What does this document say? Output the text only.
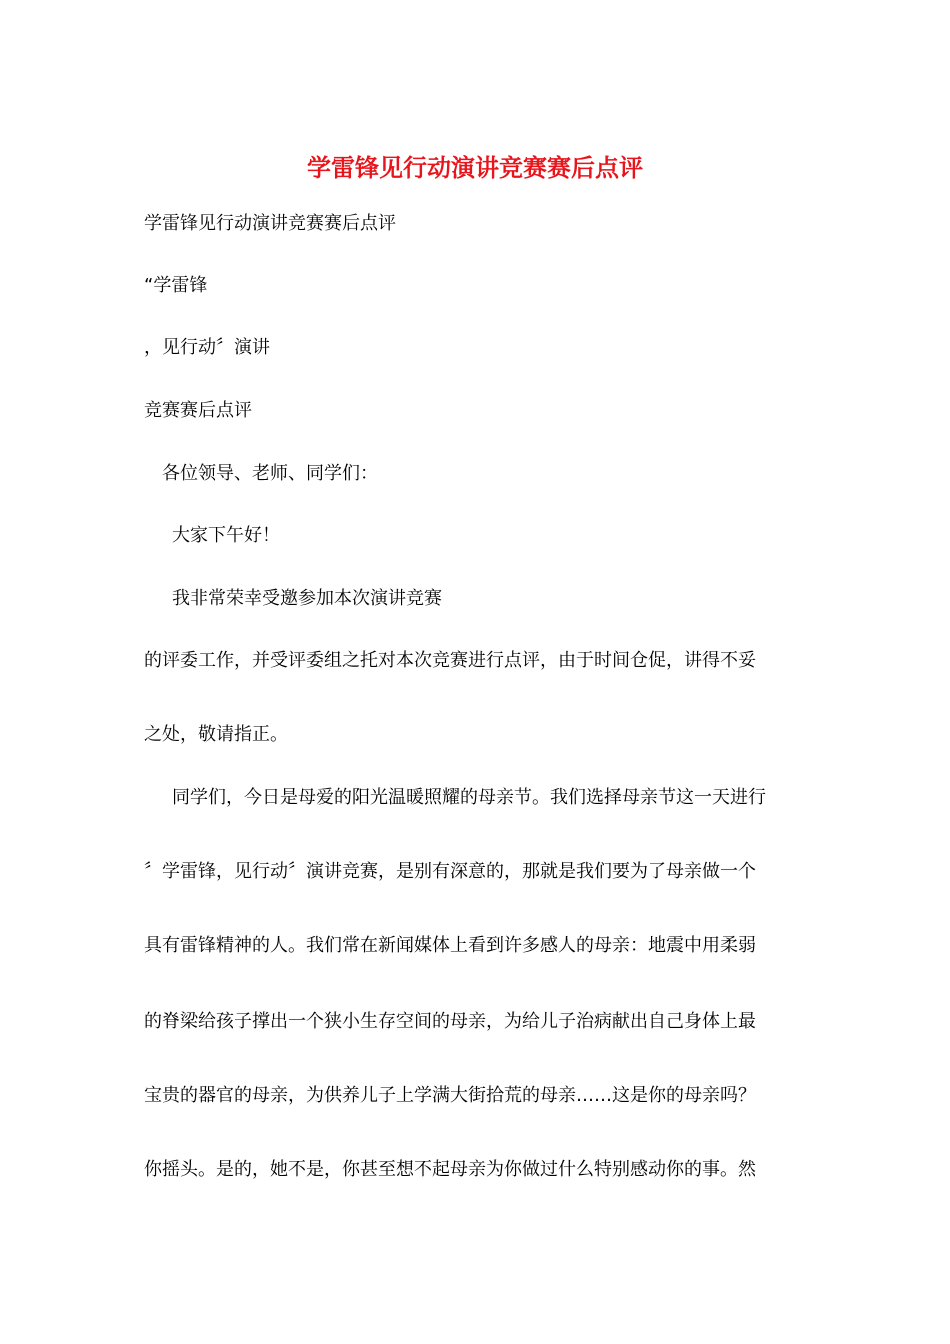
学雷锋见行动演讲竞赛赛后点评

学雷锋见行动演讲竞赛赛后点评

“学雷锋

，见行动〞演讲

竞赛赛后点评

各位领导、老师、同学们：

大家下午好！

我非常荣幸受邀参加本次演讲竞赛

的评委工作，并受评委组之托对本次竞赛进行点评，由于时间仓促，讲得不妥

之处，敬请指正。

同学们，今日是母爱的阳光温暖照耀的母亲节。我们选择母亲节这一天进行

〞学雷锋，见行动〞演讲竞赛，是别有深意的，那就是我们要为了母亲做一个

具有雷锋精神的人。我们常在新闻媒体上看到许多感人的母亲：地震中用柔弱

的脊梁给孩子撑出一个狭小生存空间的母亲，为给儿子治病献出自己身体上最

宝贵的器官的母亲，为供养儿子上学满大街拾荒的母亲……这是你的母亲吗？

你摇头。是的，她不是，你甚至想不起母亲为你做过什么特别感动你的事。然
